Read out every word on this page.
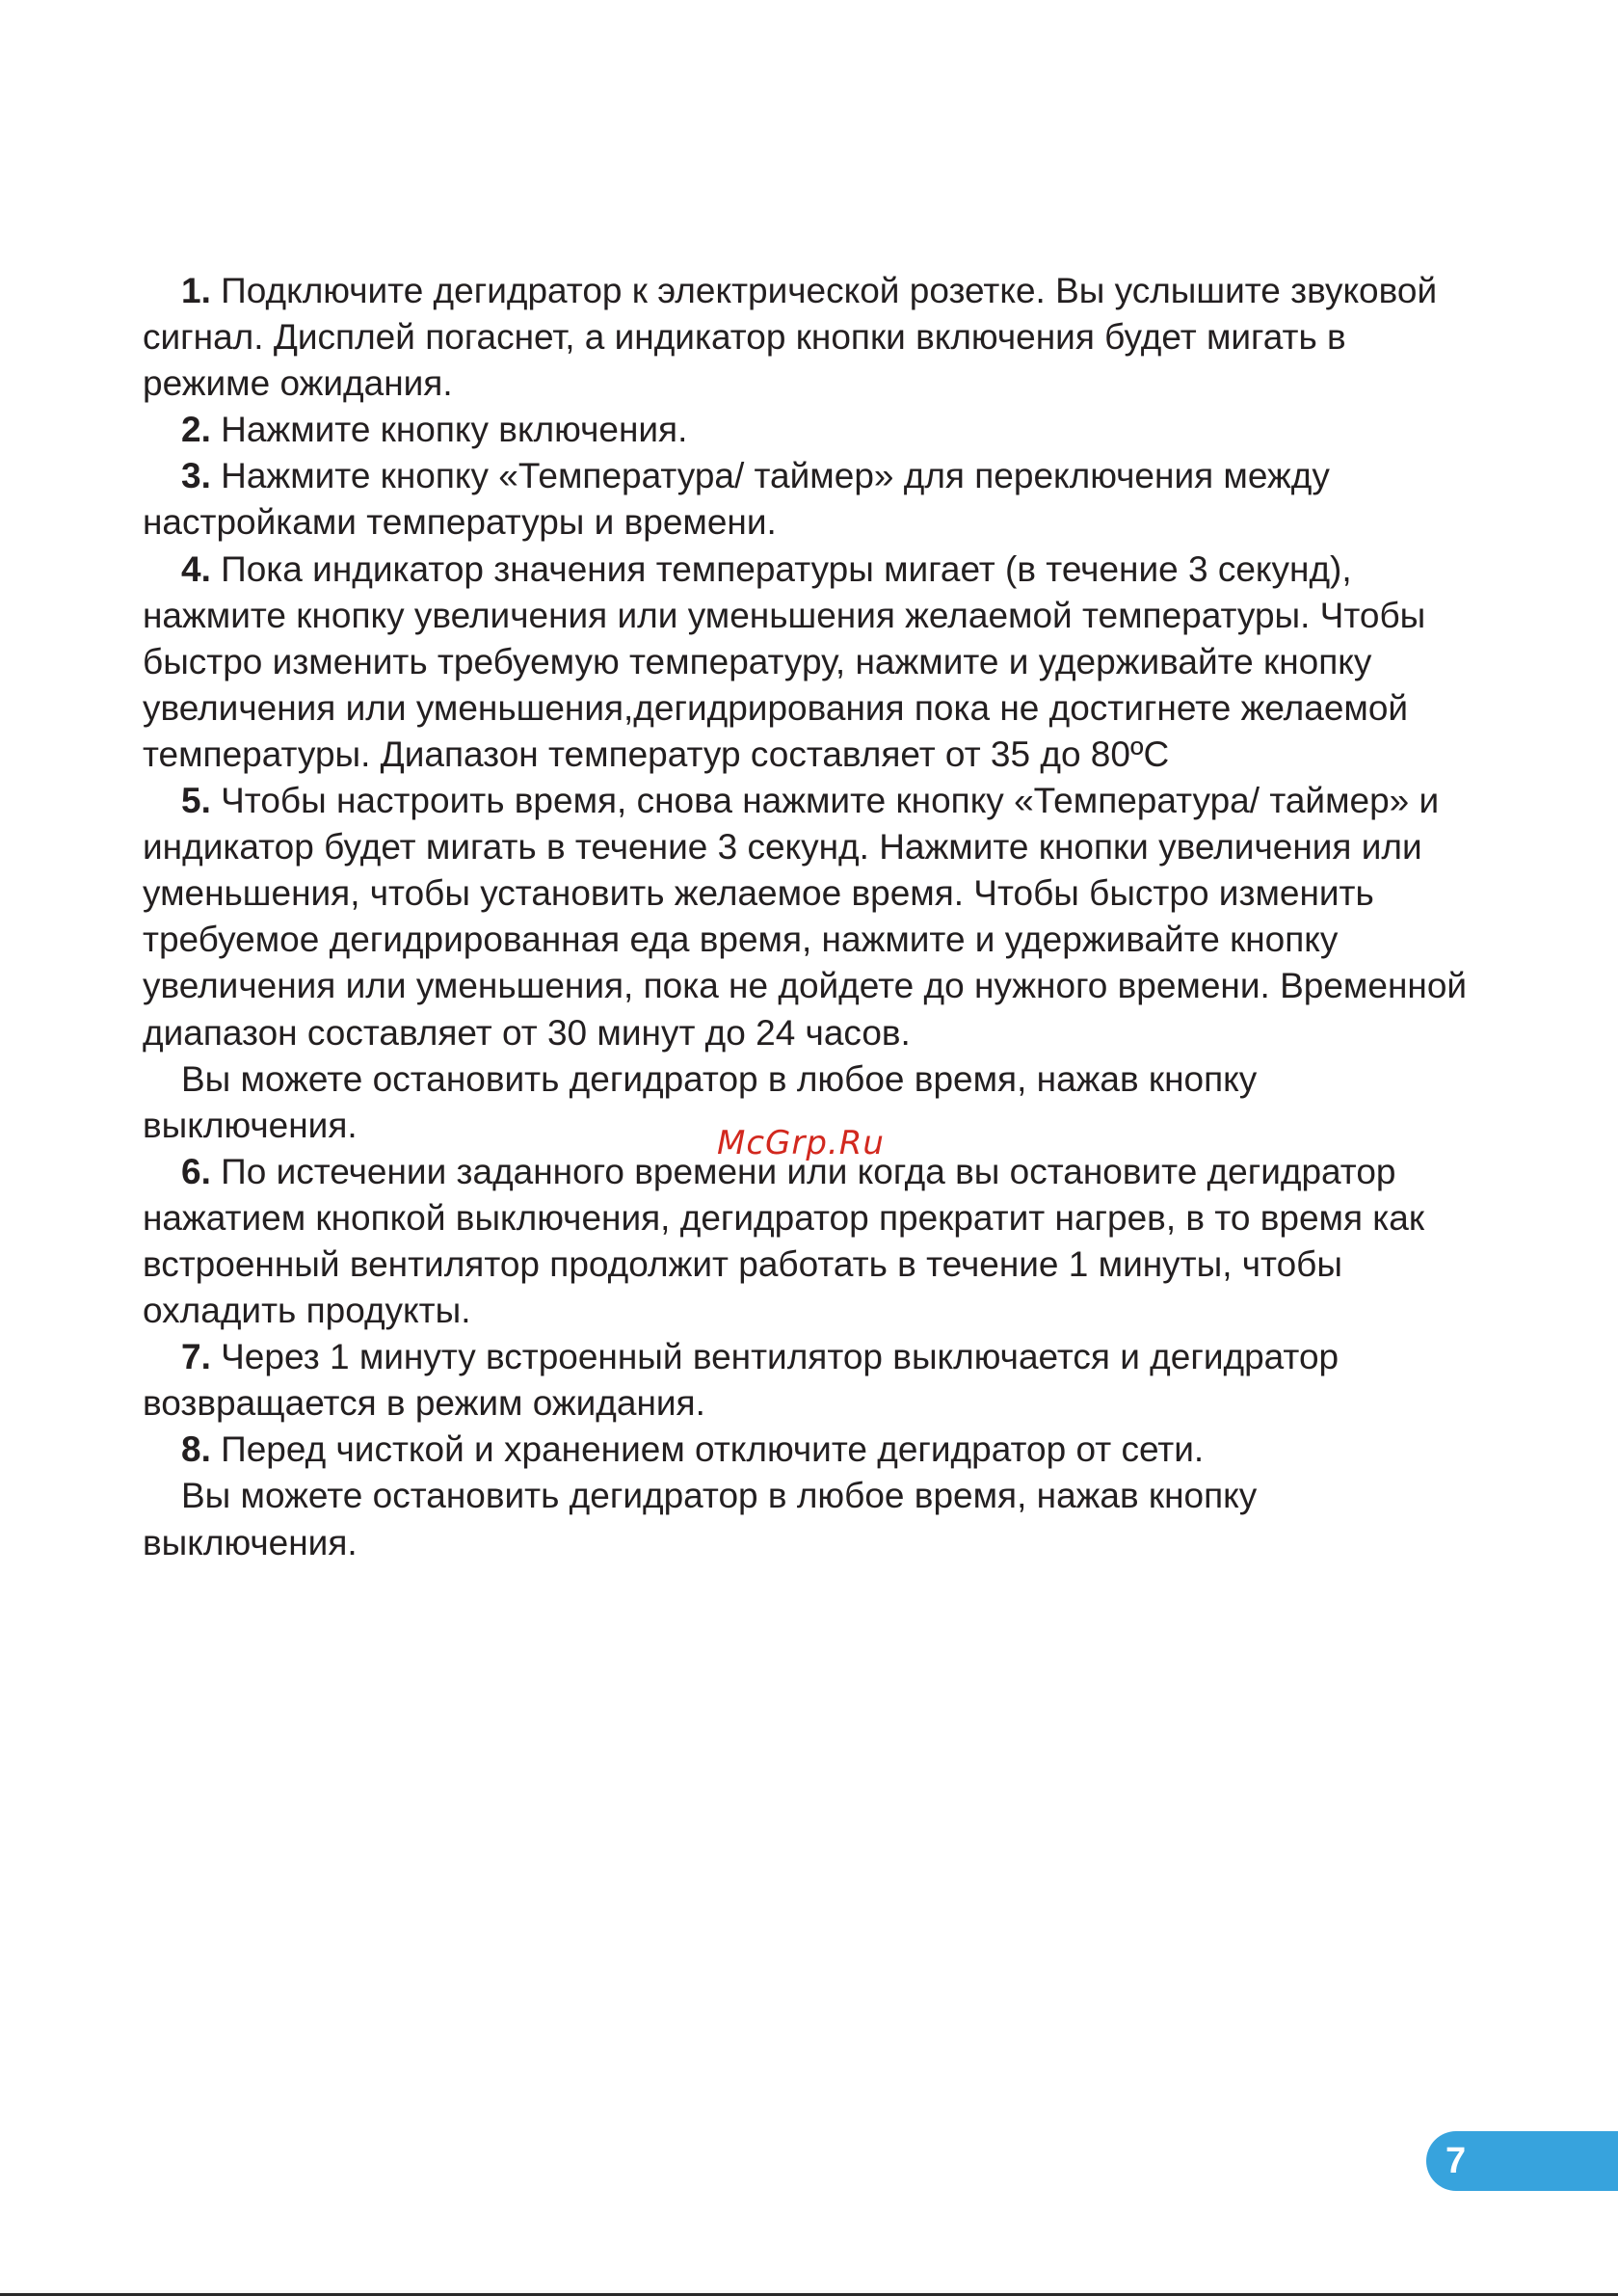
1. Подключите дегидратор к электрической розетке. Вы услышите звуковой сигнал. Дисплей погаснет, а индикатор кнопки включения будет мигать в режиме ожидания.

2. Нажмите кнопку включения.

3. Нажмите кнопку «Температура/ таймер» для переключения между настройками температуры и времени.

4. Пока индикатор значения температуры мигает (в течение 3 секунд), нажмите кнопку увеличения или уменьшения желаемой температуры. Чтобы быстро изменить требуемую температуру, нажмите и удерживайте кнопку увеличения или уменьшения,дегидрирования пока не достигнете желаемой температуры. Диапазон температур составляет от 35 до 80ºС

5. Чтобы настроить время, снова нажмите кнопку «Температура/ таймер» и индикатор будет мигать в течение 3 секунд. Нажмите кнопки увеличения или уменьшения, чтобы установить желаемое время. Чтобы быстро изменить требуемое дегидрированная еда время, нажмите и удерживайте кнопку увеличения или уменьшения, пока не дойдете до нужного времени. Временной диапазон составляет от 30 минут до 24 часов.

Вы можете остановить дегидратор в любое время, нажав кнопку выключения.

6. По истечении заданного времени или когда вы остановите дегидратор нажатием кнопкой выключения, дегидратор прекратит нагрев, в то время как встроенный вентилятор продолжит работать в течение 1 минуты, чтобы охладить продукты.

7. Через 1 минуту встроенный вентилятор выключается и дегидратор возвращается в режим ожидания.

8. Перед чисткой и хранением отключите дегидратор от сети.

Вы можете остановить дегидратор в любое время, нажав кнопку выключения.

McGrp.Ru
7
